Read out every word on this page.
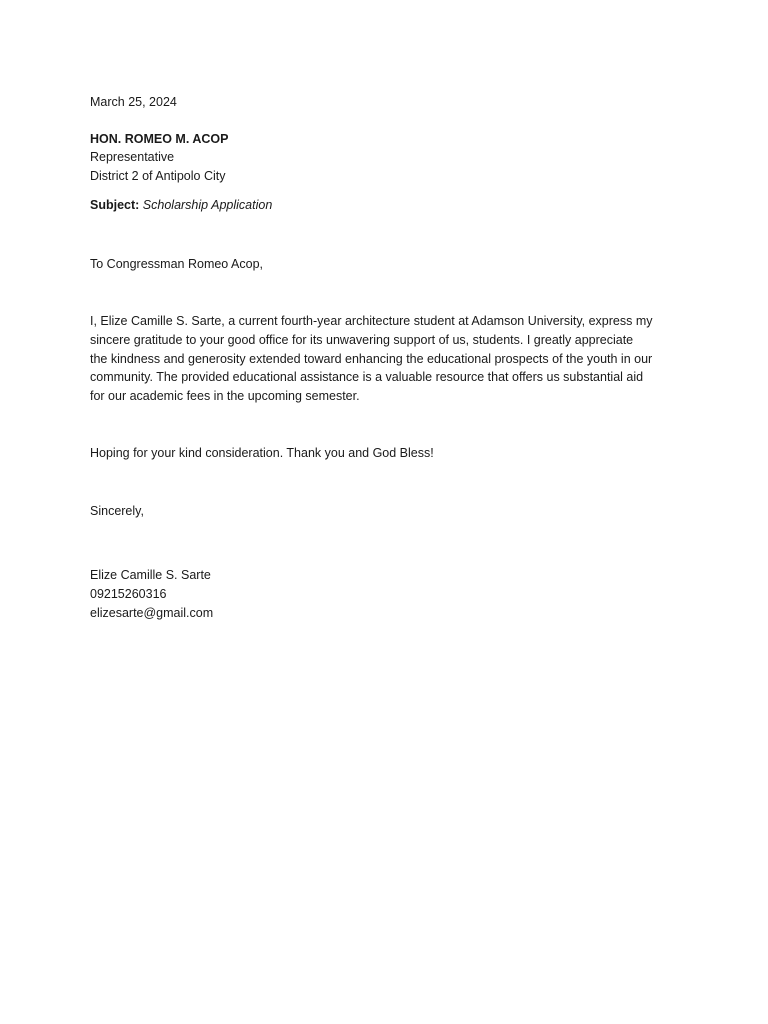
March 25, 2024
HON. ROMEO M. ACOP
Representative
District 2 of Antipolo City
Subject: Scholarship Application
To Congressman Romeo Acop,
I, Elize Camille S. Sarte, a current fourth-year architecture student at Adamson University, express my
sincere gratitude to your good office for its unwavering support of us, students. I greatly appreciate
the kindness and generosity extended toward enhancing the educational prospects of the youth in our
community. The provided educational assistance is a valuable resource that offers us substantial aid
for our academic fees in the upcoming semester.
Hoping for your kind consideration. Thank you and God Bless!
Sincerely,
Elize Camille S. Sarte
09215260316
elizesarte@gmail.com
